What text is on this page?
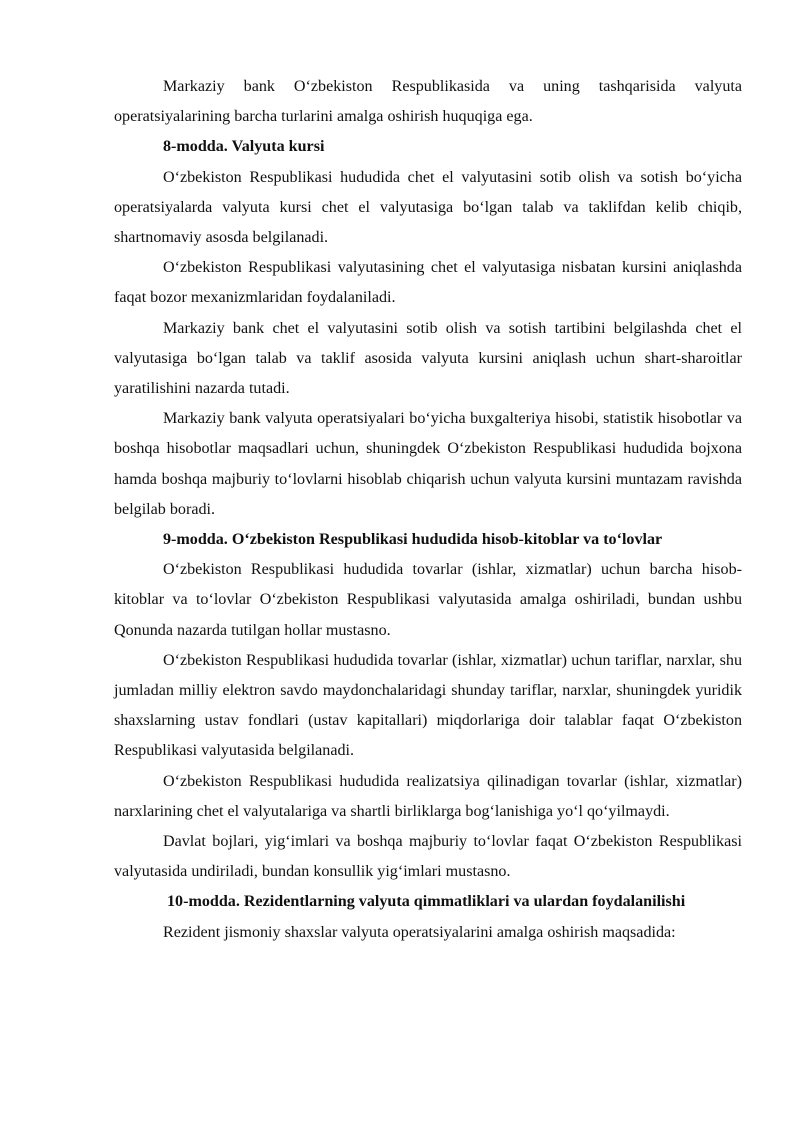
Markaziy bank O‘zbekiston Respublikasida va uning tashqarisida valyuta operatsiyalarining barcha turlarini amalga oshirish huquqiga ega.

8-modda. Valyuta kursi

O‘zbekiston Respublikasi hududida chet el valyutasini sotib olish va sotish bo‘yicha operatsiyalarda valyuta kursi chet el valyutasiga bo‘lgan talab va taklifdan kelib chiqib, shartnomaviy asosda belgilanadi.

O‘zbekiston Respublikasi valyutasining chet el valyutasiga nisbatan kursini aniqlashda faqat bozor mexanizmlaridan foydalaniladi.

Markaziy bank chet el valyutasini sotib olish va sotish tartibini belgilashda chet el valyutasiga bo‘lgan talab va taklif asosida valyuta kursini aniqlash uchun shart-sharoitlar yaratilishini nazarda tutadi.

Markaziy bank valyuta operatsiyalari bo‘yicha buxgalteriya hisobi, statistik hisobotlar va boshqa hisobotlar maqsadlari uchun, shuningdek O‘zbekiston Respublikasi hududida bojxona hamda boshqa majburiy to‘lovlarni hisoblab chiqarish uchun valyuta kursini muntazam ravishda belgilab boradi.

9-modda. O‘zbekiston Respublikasi hududida hisob-kitoblar va to‘lovlar

O‘zbekiston Respublikasi hududida tovarlar (ishlar, xizmatlar) uchun barcha hisob-kitoblar va to‘lovlar O‘zbekiston Respublikasi valyutasida amalga oshiriladi, bundan ushbu Qonunda nazarda tutilgan hollar mustasno.

O‘zbekiston Respublikasi hududida tovarlar (ishlar, xizmatlar) uchun tariflar, narxlar, shu jumladan milliy elektron savdo maydonchalaridagi shunday tariflar, narxlar, shuningdek yuridik shaxslarning ustav fondlari (ustav kapitallari) miqdorlariga doir talablar faqat O‘zbekiston Respublikasi valyutasida belgilanadi.

O‘zbekiston Respublikasi hududida realizatsiya qilinadigan tovarlar (ishlar, xizmatlar) narxlarining chet el valyutalariga va shartli birliklarga bog‘lanishiga yo‘l qo‘yilmaydi.

Davlat bojlari, yig‘imlari va boshqa majburiy to‘lovlar faqat O‘zbekiston Respublikasi valyutasida undiriladi, bundan konsullik yig‘imlari mustasno.

10-modda. Rezidentlarning valyuta qimmatliklari va ulardan foydalanilishi

Rezident jismoniy shaxslar valyuta operatsiyalarini amalga oshirish maqsadida:
